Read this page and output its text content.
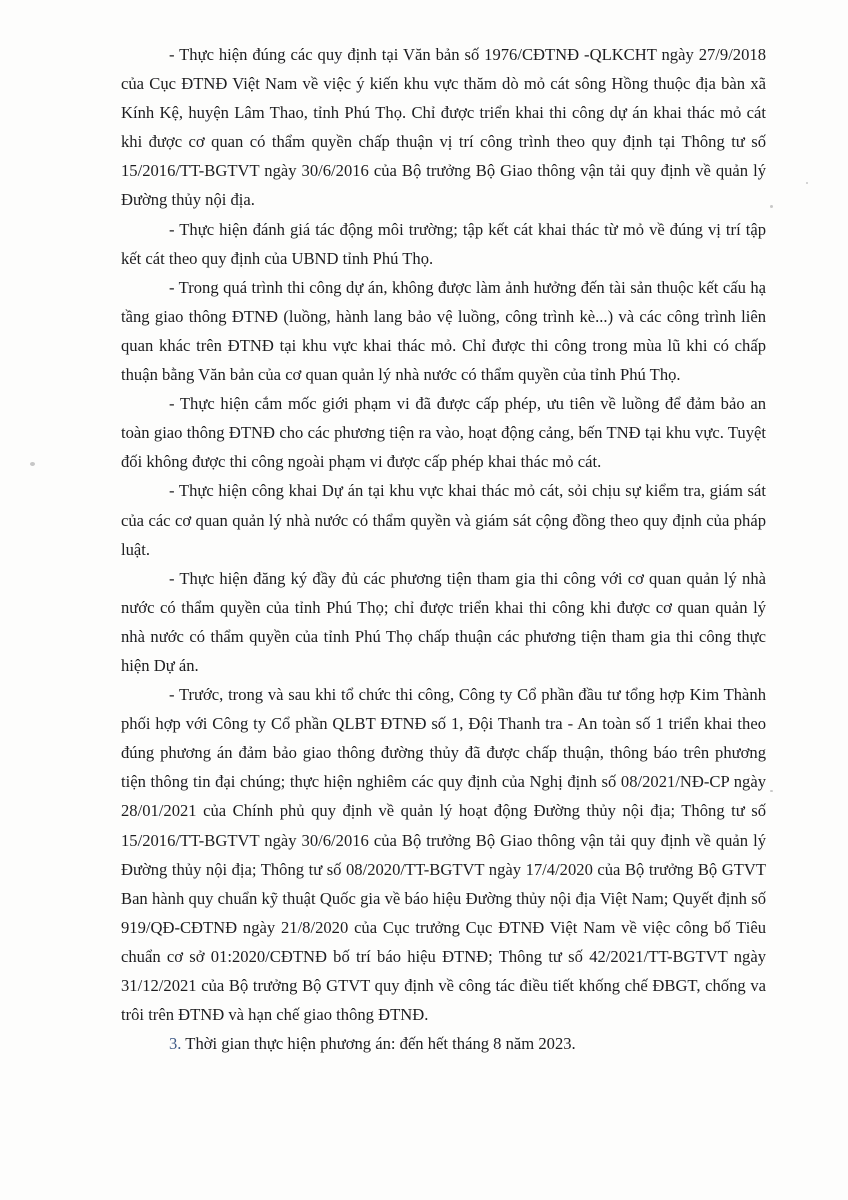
- Thực hiện đúng các quy định tại Văn bản số 1976/CĐTNĐ -QLKCHT ngày 27/9/2018 của Cục ĐTNĐ Việt Nam về việc ý kiến khu vực thăm dò mỏ cát sông Hồng thuộc địa bàn xã Kính Kệ, huyện Lâm Thao, tỉnh Phú Thọ. Chỉ được triển khai thi công dự án khai thác mỏ cát khi được cơ quan có thẩm quyền chấp thuận vị trí công trình theo quy định tại Thông tư số 15/2016/TT-BGTVT ngày 30/6/2016 của Bộ trưởng Bộ Giao thông vận tải quy định về quản lý Đường thủy nội địa.

- Thực hiện đánh giá tác động môi trường; tập kết cát khai thác từ mỏ về đúng vị trí tập kết cát theo quy định của UBND tỉnh Phú Thọ.

- Trong quá trình thi công dự án, không được làm ảnh hưởng đến tài sản thuộc kết cấu hạ tầng giao thông ĐTNĐ (luồng, hành lang bảo vệ luồng, công trình kè...) và các công trình liên quan khác trên ĐTNĐ tại khu vực khai thác mỏ. Chỉ được thi công trong mùa lũ khi có chấp thuận bằng Văn bản của cơ quan quản lý nhà nước có thẩm quyền của tỉnh Phú Thọ.

- Thực hiện cắm mốc giới phạm vi đã được cấp phép, ưu tiên về luồng để đảm bảo an toàn giao thông ĐTNĐ cho các phương tiện ra vào, hoạt động cảng, bến TNĐ tại khu vực. Tuyệt đối không được thi công ngoài phạm vi được cấp phép khai thác mỏ cát.

- Thực hiện công khai Dự án tại khu vực khai thác mỏ cát, sỏi chịu sự kiểm tra, giám sát của các cơ quan quản lý nhà nước có thẩm quyền và giám sát cộng đồng theo quy định của pháp luật.

- Thực hiện đăng ký đầy đủ các phương tiện tham gia thi công với cơ quan quản lý nhà nước có thẩm quyền của tỉnh Phú Thọ; chỉ được triển khai thi công khi được cơ quan quản lý nhà nước có thẩm quyền của tỉnh Phú Thọ chấp thuận các phương tiện tham gia thi công thực hiện Dự án.

- Trước, trong và sau khi tổ chức thi công, Công ty Cổ phần đầu tư tổng hợp Kim Thành phối hợp với Công ty Cổ phần QLBT ĐTNĐ số 1, Đội Thanh tra - An toàn số 1 triển khai theo đúng phương án đảm bảo giao thông đường thủy đã được chấp thuận, thông báo trên phương tiện thông tin đại chúng; thực hiện nghiêm các quy định của Nghị định số 08/2021/NĐ-CP ngày 28/01/2021 của Chính phủ quy định về quản lý hoạt động Đường thủy nội địa; Thông tư số 15/2016/TT-BGTVT ngày 30/6/2016 của Bộ trưởng Bộ Giao thông vận tải quy định về quản lý Đường thủy nội địa; Thông tư số 08/2020/TT-BGTVT ngày 17/4/2020 của Bộ trưởng Bộ GTVT Ban hành quy chuẩn kỹ thuật Quốc gia về báo hiệu Đường thủy nội địa Việt Nam; Quyết định số 919/QĐ-CĐTNĐ ngày 21/8/2020 của Cục trưởng Cục ĐTNĐ Việt Nam về việc công bố Tiêu chuẩn cơ sở 01:2020/CĐTNĐ bố trí báo hiệu ĐTNĐ; Thông tư số 42/2021/TT-BGTVT ngày 31/12/2021 của Bộ trưởng Bộ GTVT quy định về công tác điều tiết khống chế ĐBGT, chống va trôi trên ĐTNĐ và hạn chế giao thông ĐTNĐ.

3. Thời gian thực hiện phương án: đến hết tháng 8 năm 2023.
